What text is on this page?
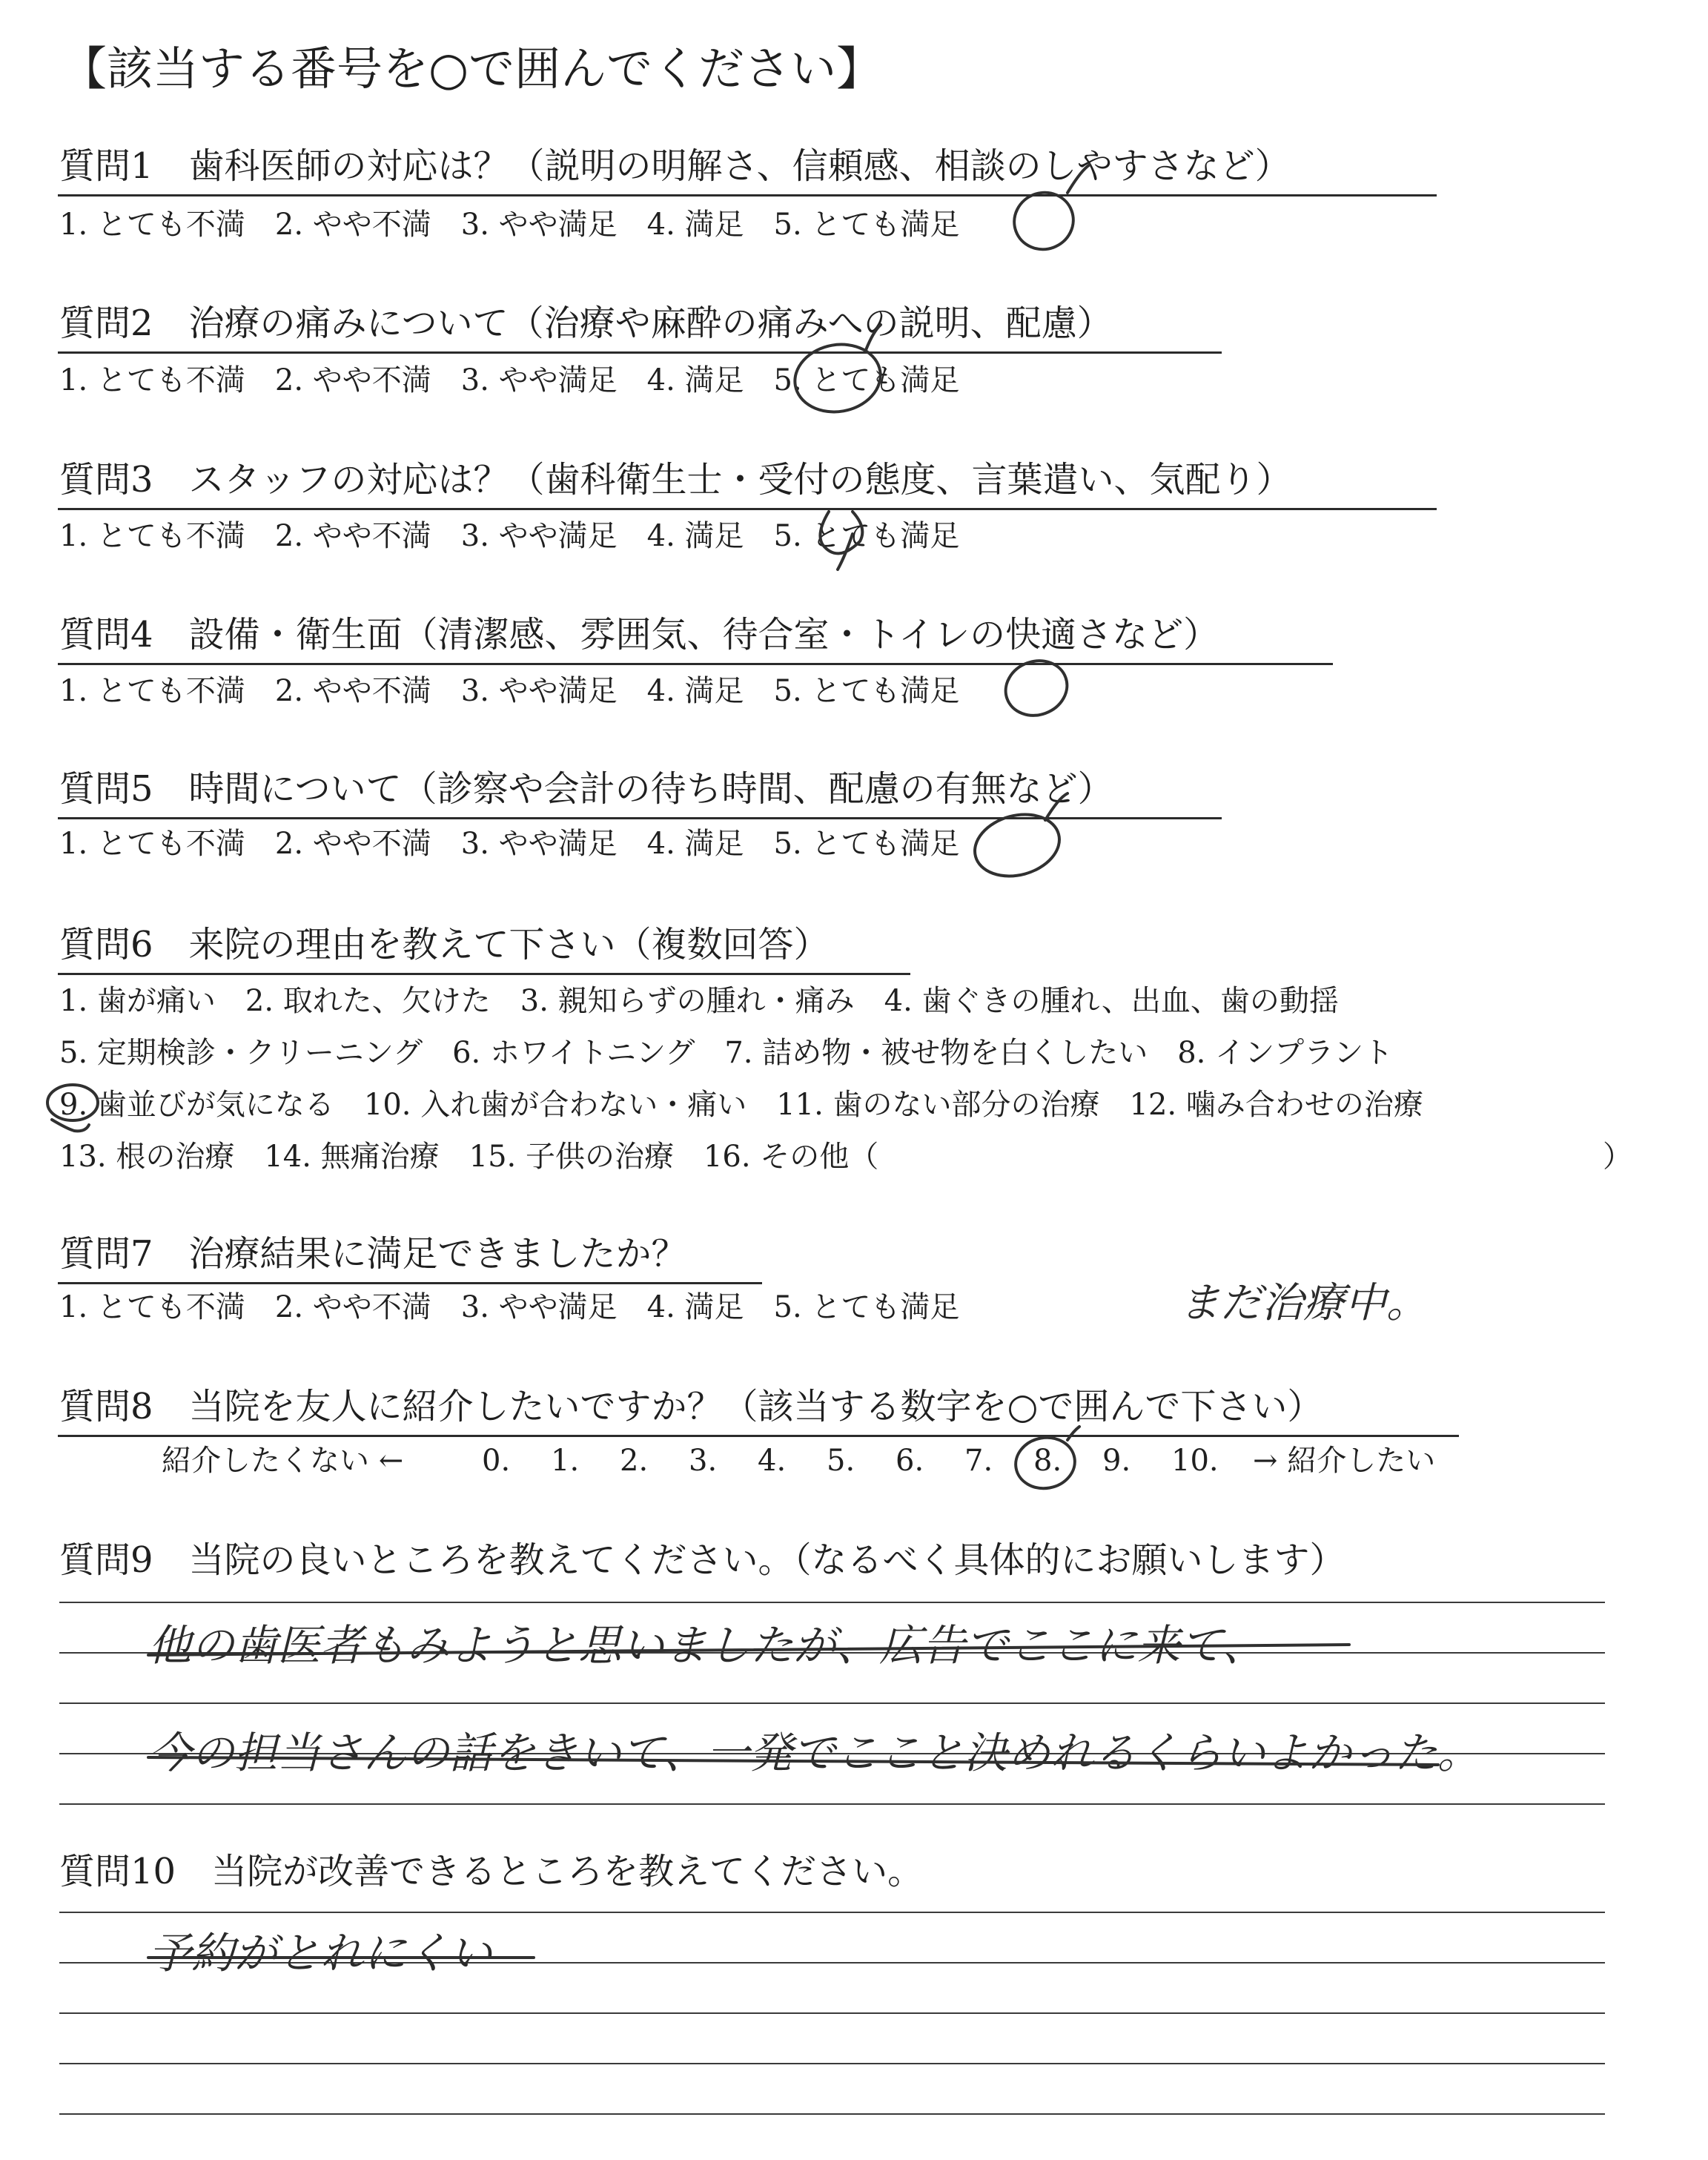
【該当する番号を○で囲んでください】
質問1　歯科医師の対応は？（説明の明解さ、信頼感、相談のしやすさなど）
1. とても不満　2. やや不満　3. やや満足　4. 満足　5. とても満足
質問2　治療の痛みについて（治療や麻酔の痛みへの説明、配慮）
1. とても不満　2. やや不満　3. やや満足　4. 満足　5. とても満足
質問3　スタッフの対応は？（歯科衛生士・受付の態度、言葉遣い、気配り）
1. とても不満　2. やや不満　3. やや満足　4. 満足　5. とても満足
質問4　設備・衛生面（清潔感、雰囲気、待合室・トイレの快適さなど）
1. とても不満　2. やや不満　3. やや満足　4. 満足　5. とても満足
質問5　時間について（診察や会計の待ち時間、配慮の有無など）
1. とても不満　2. やや不満　3. やや満足　4. 満足　5. とても満足
質問6　来院の理由を教えて下さい（複数回答）
1. 歯が痛い　2. 取れた、欠けた　3. 親知らずの腫れ・痛み　4. 歯ぐきの腫れ、出血、歯の動揺
5. 定期検診・クリーニング　6. ホワイトニング　7. 詰め物・被せ物を白くしたい　8. インプラント
9. 歯並びが気になる　10. 入れ歯が合わない・痛い　11. 歯のない部分の治療　12. 噛み合わせの治療
13. 根の治療　14. 無痛治療　15. 子供の治療　16. その他（	）
質問7　治療結果に満足できましたか？
1. とても不満　2. やや不満　3. やや満足　4. 満足　5. とても満足	まだ治療中。
質問8　当院を友人に紹介したいですか？（該当する数字を○で囲んで下さい）
紹介したくない ←	0. 1. 2. 3. 4. 5. 6. 7. 8. 9. 10. → 紹介したい
質問9　当院の良いところを教えてください。（なるべく具体的にお願いします）
他の歯医者もみようと思いましたが、広告でここに来て、
今の担当さんの話をきいて、一発でここと決めれるくらいよかった。
質問10　当院が改善できるところを教えてください。
予約がとれにくい
